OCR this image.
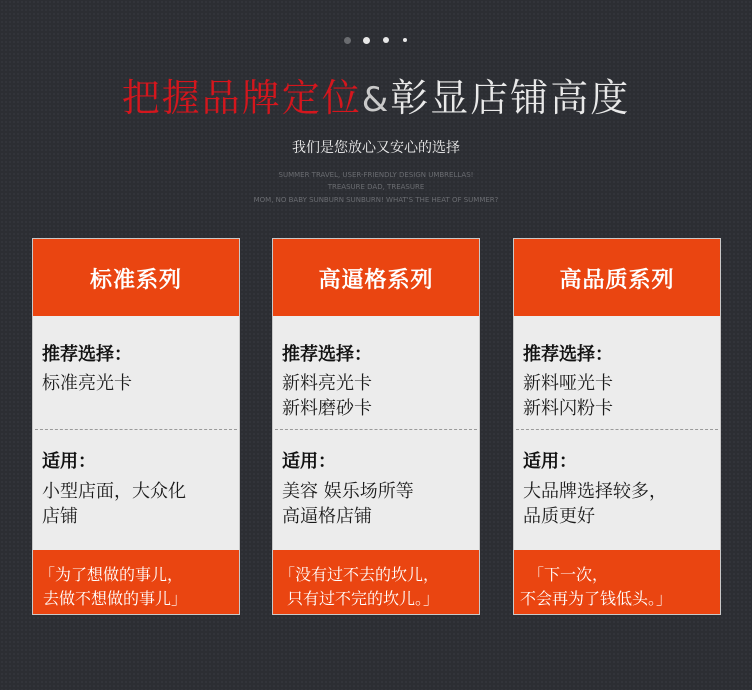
把握品牌定位&彰显店铺高度
我们是您放心又安心的选择
SUMMER TRAVEL, USER-FRIENDLY DESIGN UMBRELLAS!
TREASURE DAD, TREASURE
MOM, NO BABY SUNBURN SUNBURN! WHAT'S THE HEAT OF SUMMER?
标准系列
推荐选择：
标准亮光卡
适用：
小型店面，大众化
店铺
「为了想做的事儿，
去做不想做的事儿」
高逼格系列
推荐选择：
新料亮光卡
新料磨砂卡
适用：
美容 娱乐场所等
高逼格店铺
「没有过不去的坎儿，
只有过不完的坎儿。」
高品质系列
推荐选择：
新料哑光卡
新料闪粉卡
适用：
大品牌选择较多，
品质更好
「下一次，
不会再为了钱低头。」
